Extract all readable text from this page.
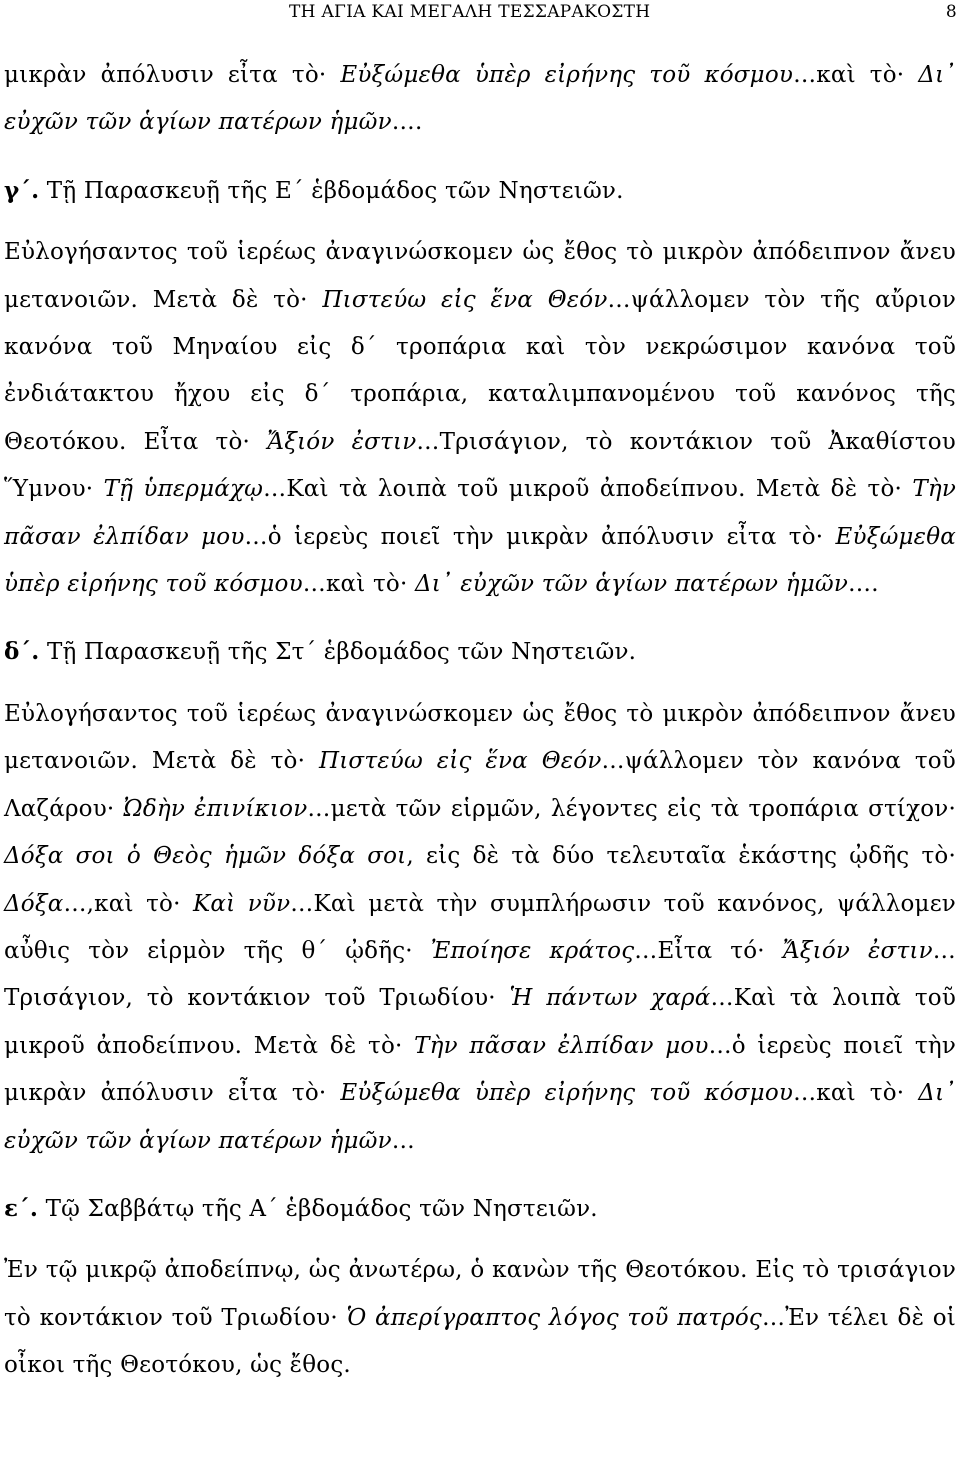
ΤΗ ΑΓΙΑ ΚΑΙ ΜΕΓΑΛΗ ΤΕΣΣΑΡΑΚΟΣΤΗ	8

μικρὰν ἀπόλυσιν εἶτα τὸ· Εὐξώμεθα ὑπὲρ εἰρήνης τοῦ κόσμου…καὶ τὸ· Δι᾽ εὐχῶν τῶν ἁγίων πατέρων ἡμῶν….

γ΄. Τῇ Παρασκευῇ τῆς Ε΄ ἑβδομάδος τῶν Νηστειῶν.

Εὐλογήσαντος τοῦ ἱερέως ἀναγινώσκομεν ὡς ἔθος τὸ μικρὸν ἀπόδειπνον ἄνευ μετανοιῶν. Μετὰ δὲ τὸ· Πιστεύω εἰς ἕνα Θεόν…ψάλλομεν τὸν τῆς αὔριον κανόνα τοῦ Μηναίου εἰς δ΄ τροπάρια καὶ τὸν νεκρώσιμον κανόνα τοῦ ἐνδιάτακτου ἤχου εἰς δ΄ τροπάρια, καταλιμπανομένου τοῦ κανόνος τῆς Θεοτόκου. Εἶτα τὸ· Ἄξιόν ἐστιν…Τρισάγιον, τὸ κοντάκιον τοῦ Ἀκαθίστου Ὕμνου· Τῇ ὑπερμάχῳ…Καὶ τὰ λοιπὰ τοῦ μικροῦ ἀποδείπνου. Μετὰ δὲ τὸ· Τὴν πᾶσαν ἐλπίδαν μου…ὁ ἱερεὺς ποιεῖ τὴν μικρὰν ἀπόλυσιν εἶτα τὸ· Εὐξώμεθα ὑπὲρ εἰρήνης τοῦ κόσμου…καὶ τὸ· Δι᾽ εὐχῶν τῶν ἁγίων πατέρων ἡμῶν….

δ΄. Τῇ Παρασκευῇ τῆς Στ΄ ἑβδομάδος τῶν Νηστειῶν.

Εὐλογήσαντος τοῦ ἱερέως ἀναγινώσκομεν ὡς ἔθος τὸ μικρὸν ἀπόδειπνον ἄνευ μετανοιῶν. Μετὰ δὲ τὸ· Πιστεύω εἰς ἕνα Θεόν…ψάλλομεν τὸν κανόνα τοῦ Λαζάρου· Ὠδὴν ἐπινίκιον…μετὰ τῶν εἱρμῶν, λέγοντες εἰς τὰ τροπάρια στίχον· Δόξα σοι ὁ Θεὸς ἡμῶν δόξα σοι, εἰς δὲ τὰ δύο τελευταῖα ἑκάστης ᾠδῆς τὸ· Δόξα…,καὶ τὸ· Καὶ νῦν…Καὶ μετὰ τὴν συμπλήρωσιν τοῦ κανόνος, ψάλλομεν αὖθις τὸν εἱρμὸν τῆς θ΄ ᾠδῆς· Ἐποίησε κράτος…Εἶτα τό· Ἄξιόν ἐστιν…Τρισάγιον, τὸ κοντάκιον τοῦ Τριωδίου· Ἡ πάντων χαρά…Καὶ τὰ λοιπὰ τοῦ μικροῦ ἀποδείπνου. Μετὰ δὲ τὸ· Τὴν πᾶσαν ἐλπίδαν μου…ὁ ἱερεὺς ποιεῖ τὴν μικρὰν ἀπόλυσιν εἶτα τὸ· Εὐξώμεθα ὑπὲρ εἰρήνης τοῦ κόσμου…καὶ τὸ· Δι᾽ εὐχῶν τῶν ἁγίων πατέρων ἡμῶν…

ε΄. Τῷ Σαββάτῳ τῆς Α΄ ἑβδομάδος τῶν Νηστειῶν.

Ἐν τῷ μικρῷ ἀποδείπνῳ, ὡς ἀνωτέρω, ὁ κανὼν τῆς Θεοτόκου. Εἰς τὸ τρισάγιον τὸ κοντάκιον τοῦ Τριωδίου· Ὁ ἀπερίγραπτος λόγος τοῦ πατρός…Ἐν τέλει δὲ οἱ οἶκοι τῆς Θεοτόκου, ὡς ἔθος.
